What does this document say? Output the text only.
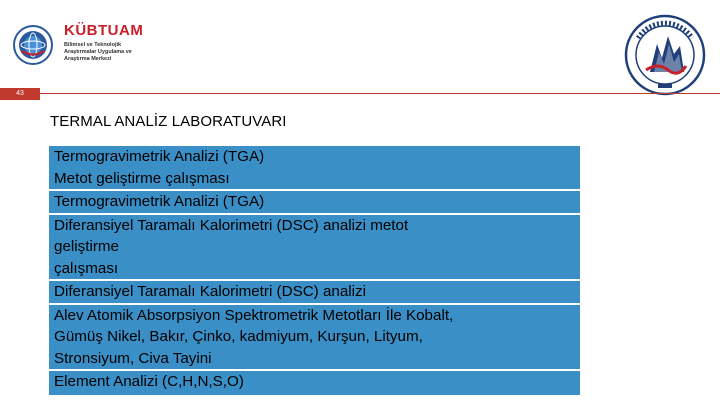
KÜBTUAM
Bilimsel ve Teknolojik
Araştırmalar Uygulama ve
Araştırma Merkezi
43
TERMAL ANALİZ LABORATUVARI
Termogravimetrik Analizi (TGA)
Metot geliştirme çalışması

Termogravimetrik Analizi (TGA)

Diferansiyel Taramalı Kalorimetri (DSC) analizi metot
geliştirme
çalışması

Diferansiyel Taramalı Kalorimetri (DSC) analizi

Alev Atomik Absorpsiyon Spektrometrik Metotları İle Kobalt,
Gümüş Nikel, Bakır, Çinko, kadmiyum, Kurşun, Lityum,
Stronsiyum, Civa Tayini

Element Analizi (C,H,N,S,O)
